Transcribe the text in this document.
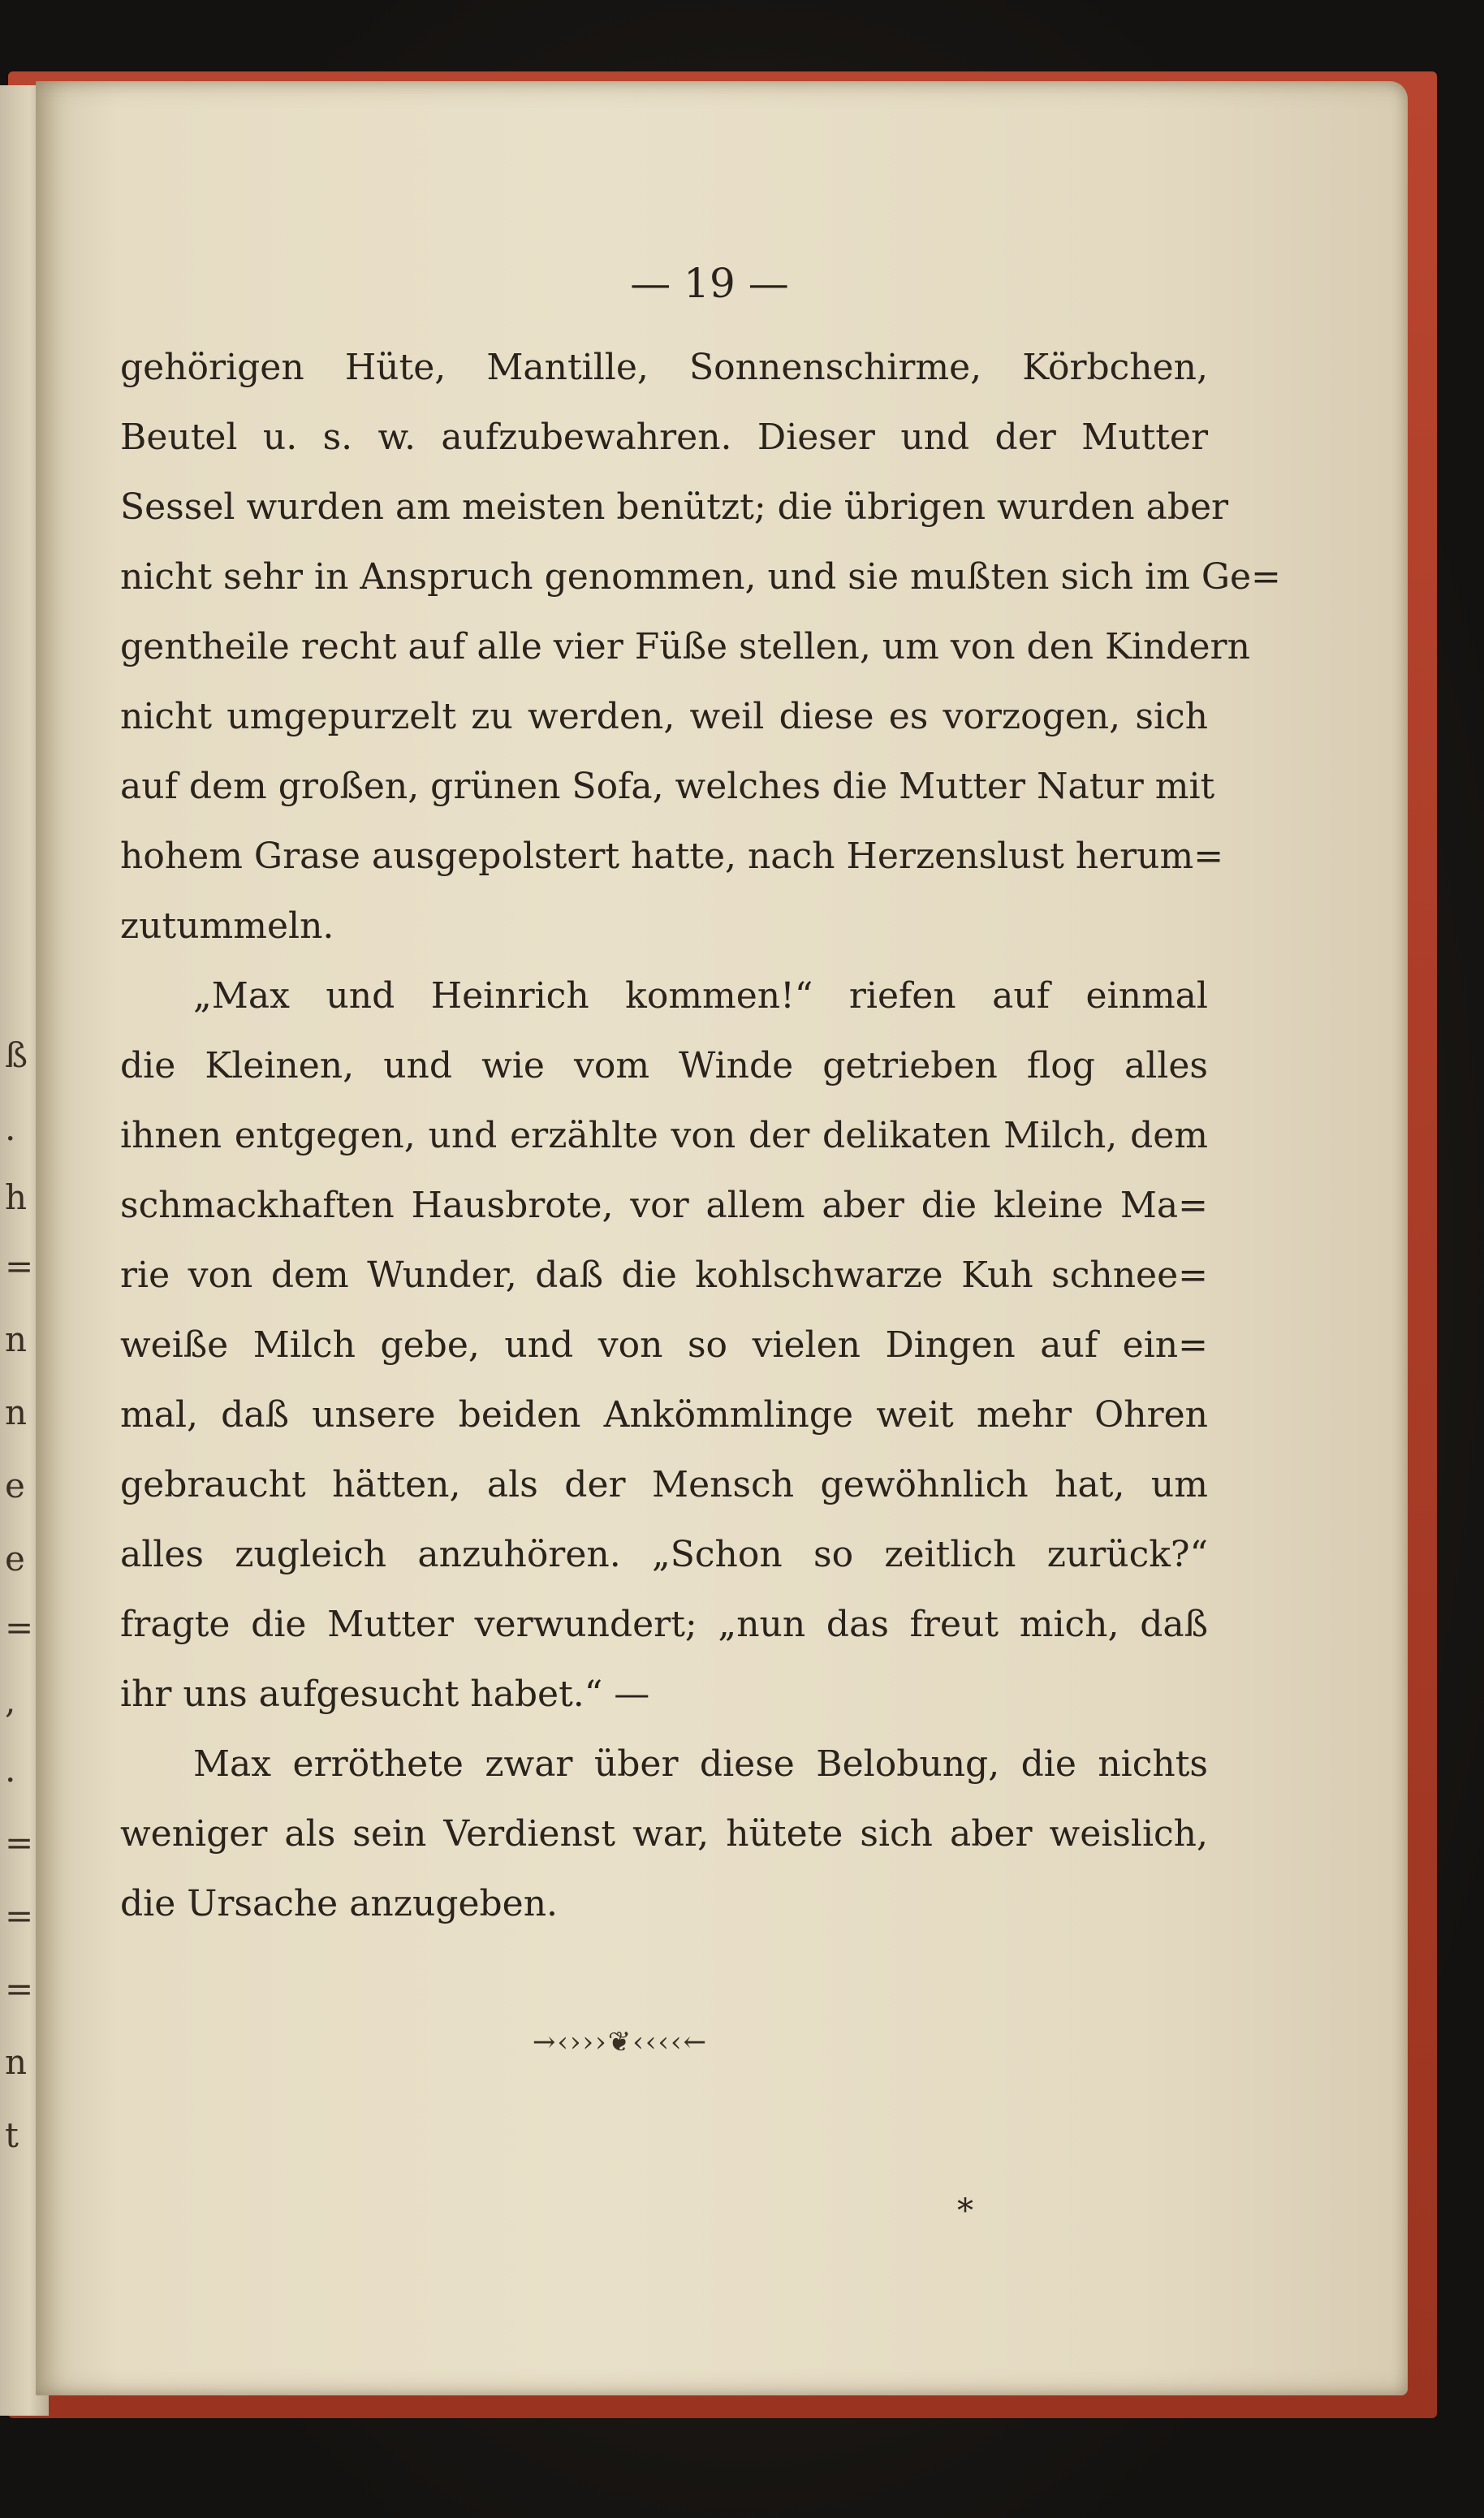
ß
.
h
=
n
n
e
e
=
,
.
=
=
=
n
t
— 19 —
gehörigen Hüte, Mantille, Sonnenschirme, Körbchen,
Beutel u. s. w. aufzubewahren. Dieser und der Mutter
Sessel wurden am meisten benützt; die übrigen wurden aber
nicht sehr in Anspruch genommen, und sie mußten sich im Ge=
gentheile recht auf alle vier Füße stellen, um von den Kindern
nicht umgepurzelt zu werden, weil diese es vorzogen, sich
auf dem großen, grünen Sofa, welches die Mutter Natur mit
hohem Grase ausgepolstert hatte, nach Herzenslust herum=
zutummeln.
„Max und Heinrich kommen!“ riefen auf einmal
die Kleinen, und wie vom Winde getrieben flog alles
ihnen entgegen, und erzählte von der delikaten Milch, dem
schmackhaften Hausbrote, vor allem aber die kleine Ma=
rie von dem Wunder, daß die kohlschwarze Kuh schnee=
weiße Milch gebe, und von so vielen Dingen auf ein=
mal, daß unsere beiden Ankömmlinge weit mehr Ohren
gebraucht hätten, als der Mensch gewöhnlich hat, um
alles zugleich anzuhören. „Schon so zeitlich zurück?“
fragte die Mutter verwundert; „nun das freut mich, daß
ihr uns aufgesucht habet.“ —
Max erröthete zwar über diese Belobung, die nichts
weniger als sein Verdienst war, hütete sich aber weislich,
die Ursache anzugeben.
→‹›››❦‹‹‹‹←
*
